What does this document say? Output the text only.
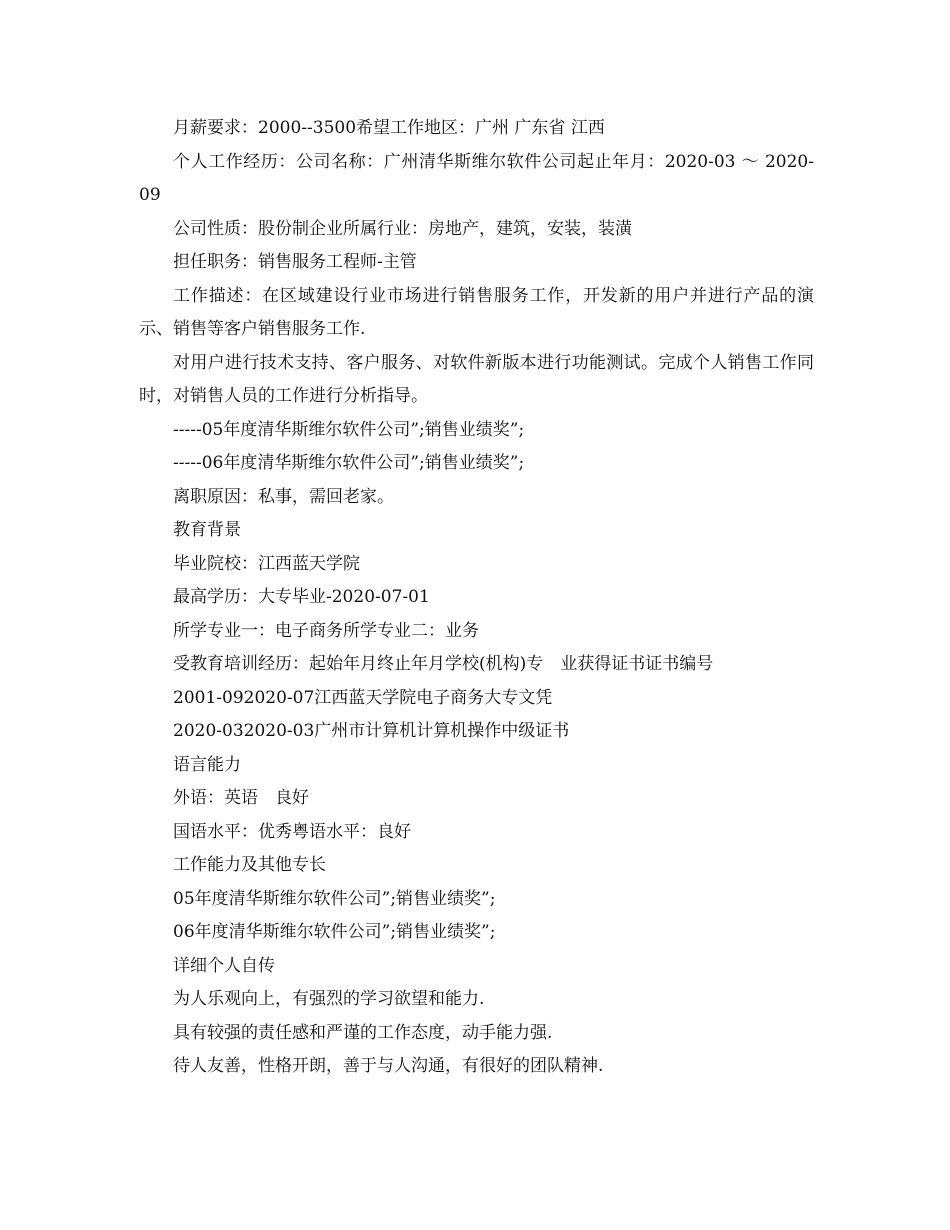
月薪要求：2000--3500希望工作地区：广州 广东省 江西

个人工作经历：公司名称：广州清华斯维尔软件公司起止年月：2020-03 ～ 2020-09

公司性质：股份制企业所属行业：房地产，建筑，安装，装潢

担任职务：销售服务工程师-主管

工作描述：在区域建设行业市场进行销售服务工作，开发新的用户并进行产品的演示、销售等客户销售服务工作.

对用户进行技术支持、客户服务、对软件新版本进行功能测试。完成个人销售工作同时，对销售人员的工作进行分析指导。

-----05年度清华斯维尔软件公司”;销售业绩奖”;

-----06年度清华斯维尔软件公司”;销售业绩奖”;

离职原因：私事，需回老家。

教育背景

毕业院校：江西蓝天学院

最高学历：大专毕业-2020-07-01

所学专业一：电子商务所学专业二：业务

受教育培训经历：起始年月终止年月学校(机构)专　业获得证书证书编号

2001-092020-07江西蓝天学院电子商务大专文凭

2020-032020-03广州市计算机计算机操作中级证书

语言能力

外语：英语　良好

国语水平：优秀粤语水平：良好

工作能力及其他专长

05年度清华斯维尔软件公司”;销售业绩奖”;

06年度清华斯维尔软件公司”;销售业绩奖”;

详细个人自传

为人乐观向上，有强烈的学习欲望和能力.

具有较强的责任感和严谨的工作态度，动手能力强.

待人友善，性格开朗，善于与人沟通，有很好的团队精神.
